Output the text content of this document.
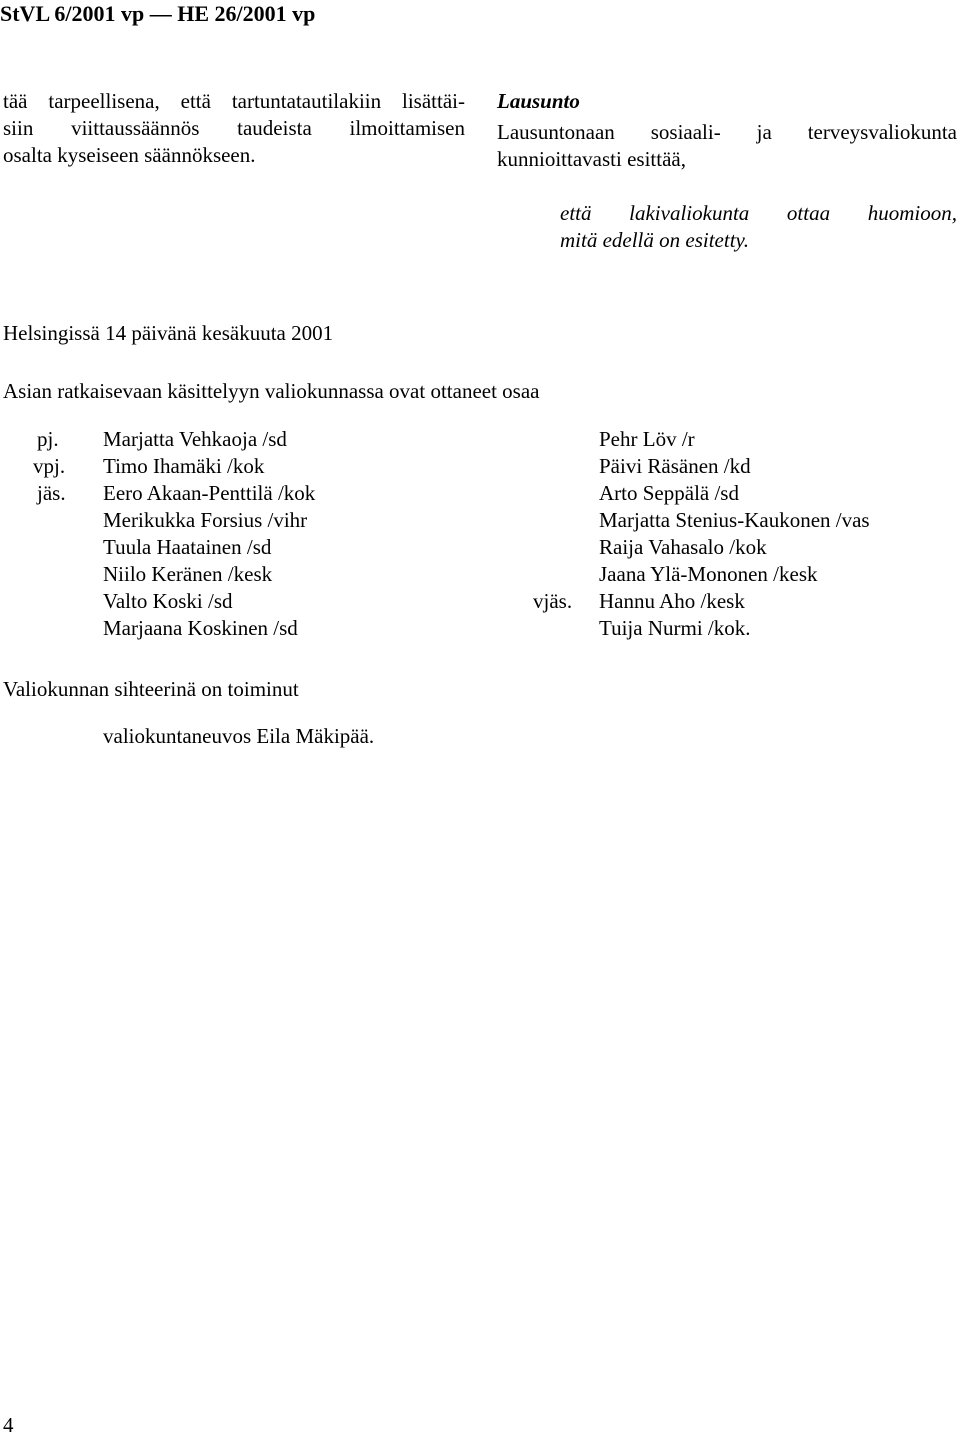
StVL 6/2001 vp — HE 26/2001 vp
tää tarpeellisena, että tartuntatautilakiin lisättäi-
siin viittaussäännös taudeista ilmoittamisen
osalta kyseiseen säännökseen.
Lausunto
Lausuntonaan sosiaali- ja terveysvaliokunta
kunnioittavasti esittää,
että lakivaliokunta ottaa huomioon,
mitä edellä on esitetty.
Helsingissä 14 päivänä kesäkuuta 2001
Asian ratkaisevaan käsittelyyn valiokunnassa ovat ottaneet osaa
pj. Marjatta Vehkaoja /sd
vpj. Timo Ihamäki /kok
jäs. Eero Akaan-Penttilä /kok
Merikukka Forsius /vihr
Tuula Haatainen /sd
Niilo Keränen /kesk
Valto Koski /sd
Marjaana Koskinen /sd
Pehr Löv /r
Päivi Räsänen /kd
Arto Seppälä /sd
Marjatta Stenius-Kaukonen /vas
Raija Vahasalo /kok
Jaana Ylä-Mononen /kesk
vjäs. Hannu Aho /kesk
Tuija Nurmi /kok.
Valiokunnan sihteerinä on toiminut
valiokuntaneuvos Eila Mäkipää.
4
